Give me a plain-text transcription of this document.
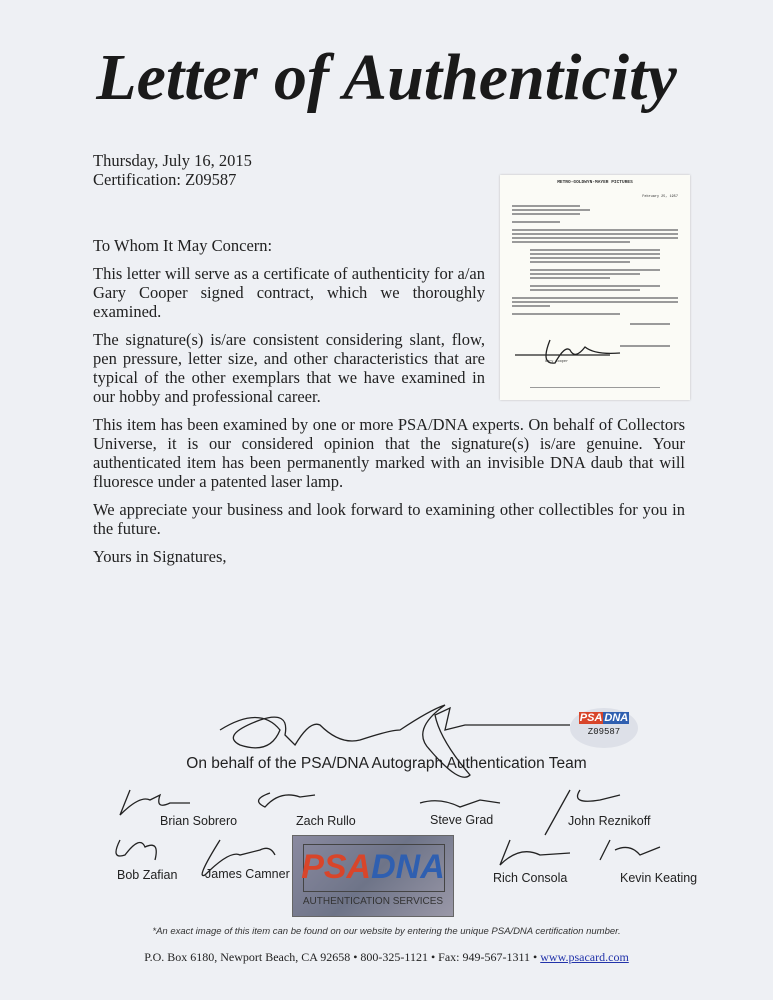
Letter of Authenticity

Thursday, July 16, 2015

Certification: Z09587

To Whom It May Concern:

This letter will serve as a certificate of authenticity for a/an Gary Cooper signed contract, which we thoroughly examined.

The signature(s) is/are consistent considering slant, flow, pen pressure, letter size, and other characteristics that are typical of the other exemplars that we have examined in our hobby and professional career.

This item has been examined by one or more PSA/DNA experts. On behalf of Collectors Universe, it is our considered opinion that the signature(s) is/are genuine. Your authenticated item has been permanently marked with an invisible DNA daub that will fluoresce under a patented laser lamp.

We appreciate your business and look forward to examining other collectibles for you in the future.

Yours in Signatures,

METRO-GOLDWYN-MAYER PICTURES
February 25, 1957
Gary Cooper
PSA DNA
Z09587
On behalf of the PSA/DNA Autograph Authentication Team
Brian Sobrero	Zach Rullo	Steve Grad	John Reznikoff
Bob Zafian James Camner	Rich Consola	Kevin Keating
PSADNA
AUTHENTICATION SERVICES
*An exact image of this item can be found on our website by entering the unique PSA/DNA certification number.
P.O. Box 6180, Newport Beach, CA 92658 • 800-325-1121 • Fax: 949-567-1311 • www.psacard.com
